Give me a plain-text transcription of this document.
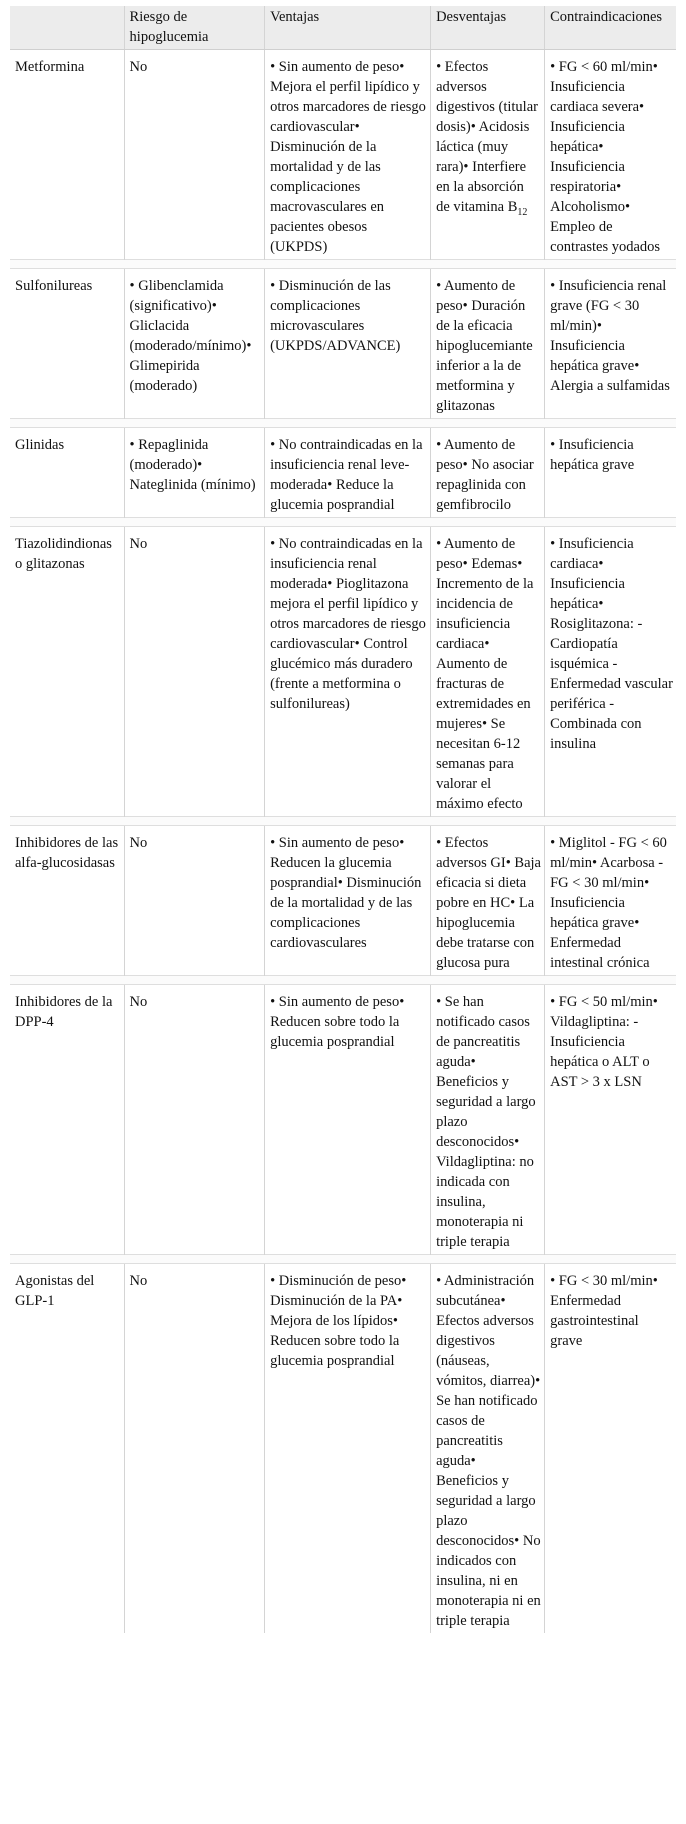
	Riesgo de hipoglucemia	Ventajas	Desventajas	Contraindicaciones
Metformina	No	• Sin aumento de peso• Mejora el perfil lipídico y otros marcadores de riesgo cardiovascular• Disminución de la mortalidad y de las complicaciones macrovasculares en pacientes obesos (UKPDS)	• Efectos adversos digestivos (titular dosis)• Acidosis láctica (muy rara)• Interfiere en la absorción de vitamina $B_{12}$	• FG < 60 ml/min• Insuficiencia cardiaca severa• Insuficiencia hepática• Insuficiencia respiratoria• Alcoholismo• Empleo de contrastes yodados

Sulfonilureas	• Glibenclamida (significativo)• Gliclacida (moderado/mínimo)• Glimepirida (moderado)	• Disminución de las complicaciones microvasculares (UKPDS/ADVANCE)	• Aumento de peso• Duración de la eficacia hipoglucemiante inferior a la de metformina y glitazonas	• Insuficiencia renal grave (FG < 30 ml/min)• Insuficiencia hepática grave• Alergia a sulfamidas

Glinidas	• Repaglinida (moderado)• Nateglinida (mínimo)	• No contraindicadas en la insuficiencia renal leve-moderada• Reduce la glucemia posprandial	• Aumento de peso• No asociar repaglinida con gemfibrocilo	• Insuficiencia hepática grave

Tiazolidindionas o glitazonas	No	• No contraindicadas en la insuficiencia renal moderada• Pioglitazona mejora el perfil lipídico y otros marcadores de riesgo cardiovascular• Control glucémico más duradero (frente a metformina o sulfonilureas)	• Aumento de peso• Edemas• Incremento de la incidencia de insuficiencia cardiaca• Aumento de fracturas de extremidades en mujeres• Se necesitan 6-12 semanas para valorar el máximo efecto	• Insuficiencia cardiaca• Insuficiencia hepática• Rosiglitazona: - Cardiopatía isquémica - Enfermedad vascular periférica - Combinada con insulina

Inhibidores de las alfa-glucosidasas	No	• Sin aumento de peso• Reducen la glucemia posprandial• Disminución de la mortalidad y de las complicaciones cardiovasculares	• Efectos adversos GI• Baja eficacia si dieta pobre en HC• La hipoglucemia debe tratarse con glucosa pura	• Miglitol - FG < 60 ml/min• Acarbosa - FG < 30 ml/min• Insuficiencia hepática grave• Enfermedad intestinal crónica

Inhibidores de la DPP-4	No	• Sin aumento de peso• Reducen sobre todo la glucemia posprandial	• Se han notificado casos de pancreatitis aguda• Beneficios y seguridad a largo plazo desconocidos• Vildagliptina: no indicada con insulina, monoterapia ni triple terapia	• FG < 50 ml/min• Vildagliptina: - Insuficiencia hepática o ALT o AST > 3 x LSN

Agonistas del GLP-1	No	• Disminución de peso• Disminución de la PA• Mejora de los lípidos• Reducen sobre todo la glucemia posprandial	• Administración subcutánea• Efectos adversos digestivos (náuseas, vómitos, diarrea)• Se han notificado casos de pancreatitis aguda• Beneficios y seguridad a largo plazo desconocidos• No indicados con insulina, ni en monoterapia ni en triple terapia	• FG < 30 ml/min• Enfermedad gastrointestinal grave
